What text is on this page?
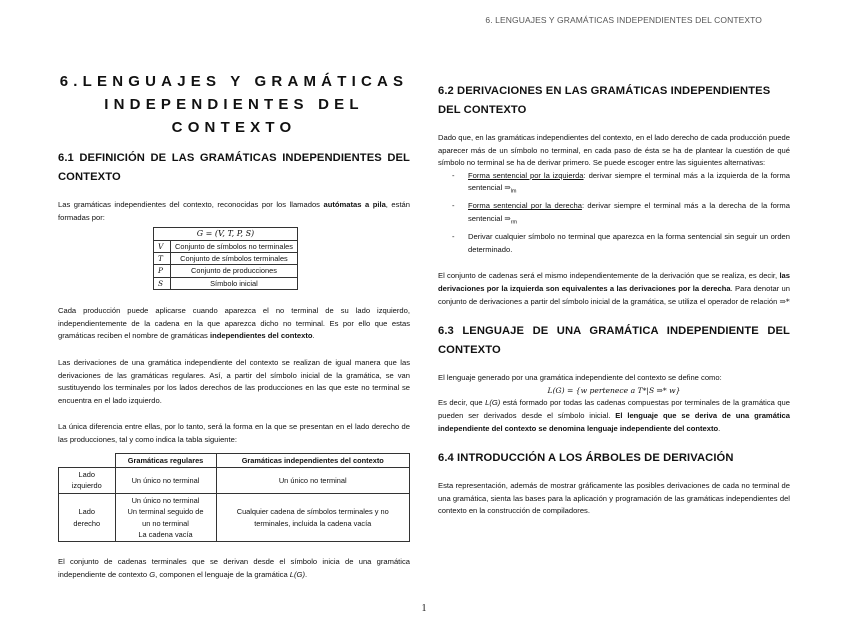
6. LENGUAJES Y GRAMÁTICAS INDEPENDIENTES DEL CONTEXTO
6.LENGUAJES Y GRAMÁTICAS
INDEPENDIENTES DEL CONTEXTO
6.1 DEFINICIÓN DE LAS GRAMÁTICAS INDEPENDIENTES DEL CONTEXTO

Las gramáticas independientes del contexto, reconocidas por los llamados autómatas a pila, están formadas por:

G = (V, T, P, S)	
V	Conjunto de símbolos no terminales
T	Conjunto de símbolos terminales
P	Conjunto de producciones
S	Símbolo inicial

Cada producción puede aplicarse cuando aparezca el no terminal de su lado izquierdo, independientemente de la cadena en la que aparezca dicho no terminal. Es por ello que estas gramáticas reciben el nombre de gramáticas independientes del contexto.

Las derivaciones de una gramática independiente del contexto se realizan de igual manera que las derivaciones de las gramáticas regulares. Así, a partir del símbolo inicial de la gramática, se van sustituyendo los terminales por los lados derechos de las producciones en las que este no terminal se encuentra en el lado izquierdo.

La única diferencia entre ellas, por lo tanto, será la forma en la que se presentan en el lado derecho de las producciones, tal y como indica la tabla siguiente:

	Gramáticas regulares	Gramáticas independientes del contexto
Lado
izquierdo	Un único no terminal	Un único no terminal
Lado
derecho	Un único no terminal
Un terminal seguido de
un no terminal
La cadena vacía	Cualquier cadena de símbolos terminales y no
terminales, incluida la cadena vacía

El conjunto de cadenas terminales que se derivan desde el símbolo inicia de una gramática independiente de contexto G, componen el lenguaje de la gramática L(G).

6.2 DERIVACIONES EN LAS GRAMÁTICAS INDEPENDIENTES DEL CONTEXTO

Dado que, en las gramáticas independientes del contexto, en el lado derecho de cada producción puede aparecer más de un símbolo no terminal, en cada paso de ésta se ha de plantear la cuestión de qué símbolo no terminal se ha de derivar primero. Se puede escoger entre las siguientes alternativas:

- Forma sentencial por la izquierda: derivar siempre el terminal más a la izquierda de la forma sentencial $\Rightarrow_{lm}$
- Forma sentencial por la derecha: derivar siempre el terminal más a la derecha de la forma sentencial $\Rightarrow_{rm}$
- Derivar cualquier símbolo no terminal que aparezca en la forma sentencial sin seguir un orden determinado.

El conjunto de cadenas será el mismo independientemente de la derivación que se realiza, es decir, las derivaciones por la izquierda son equivalentes a las derivaciones por la derecha. Para denotar un conjunto de derivaciones a partir del símbolo inicial de la gramática, se utiliza el operador de relación ⇒*

6.3 LENGUAJE DE UNA GRAMÁTICA INDEPENDIENTE DEL CONTEXTO

El lenguaje generado por una gramática independiente del contexto se define como:

L(G) = {w pertenece a T*|S ⇒* w}

Es decir, que L(G) está formado por todas las cadenas compuestas por terminales de la gramática que pueden ser derivados desde el símbolo inicial. El lenguaje que se deriva de una gramática independiente del contexto se denomina lenguaje independiente del contexto.

6.4 INTRODUCCIÓN A LOS ÁRBOLES DE DERIVACIÓN

Esta representación, además de mostrar gráficamente las posibles derivaciones de cada no terminal de una gramática, sienta las bases para la aplicación y programación de las gramáticas independientes del contexto en la construcción de compiladores.

1
